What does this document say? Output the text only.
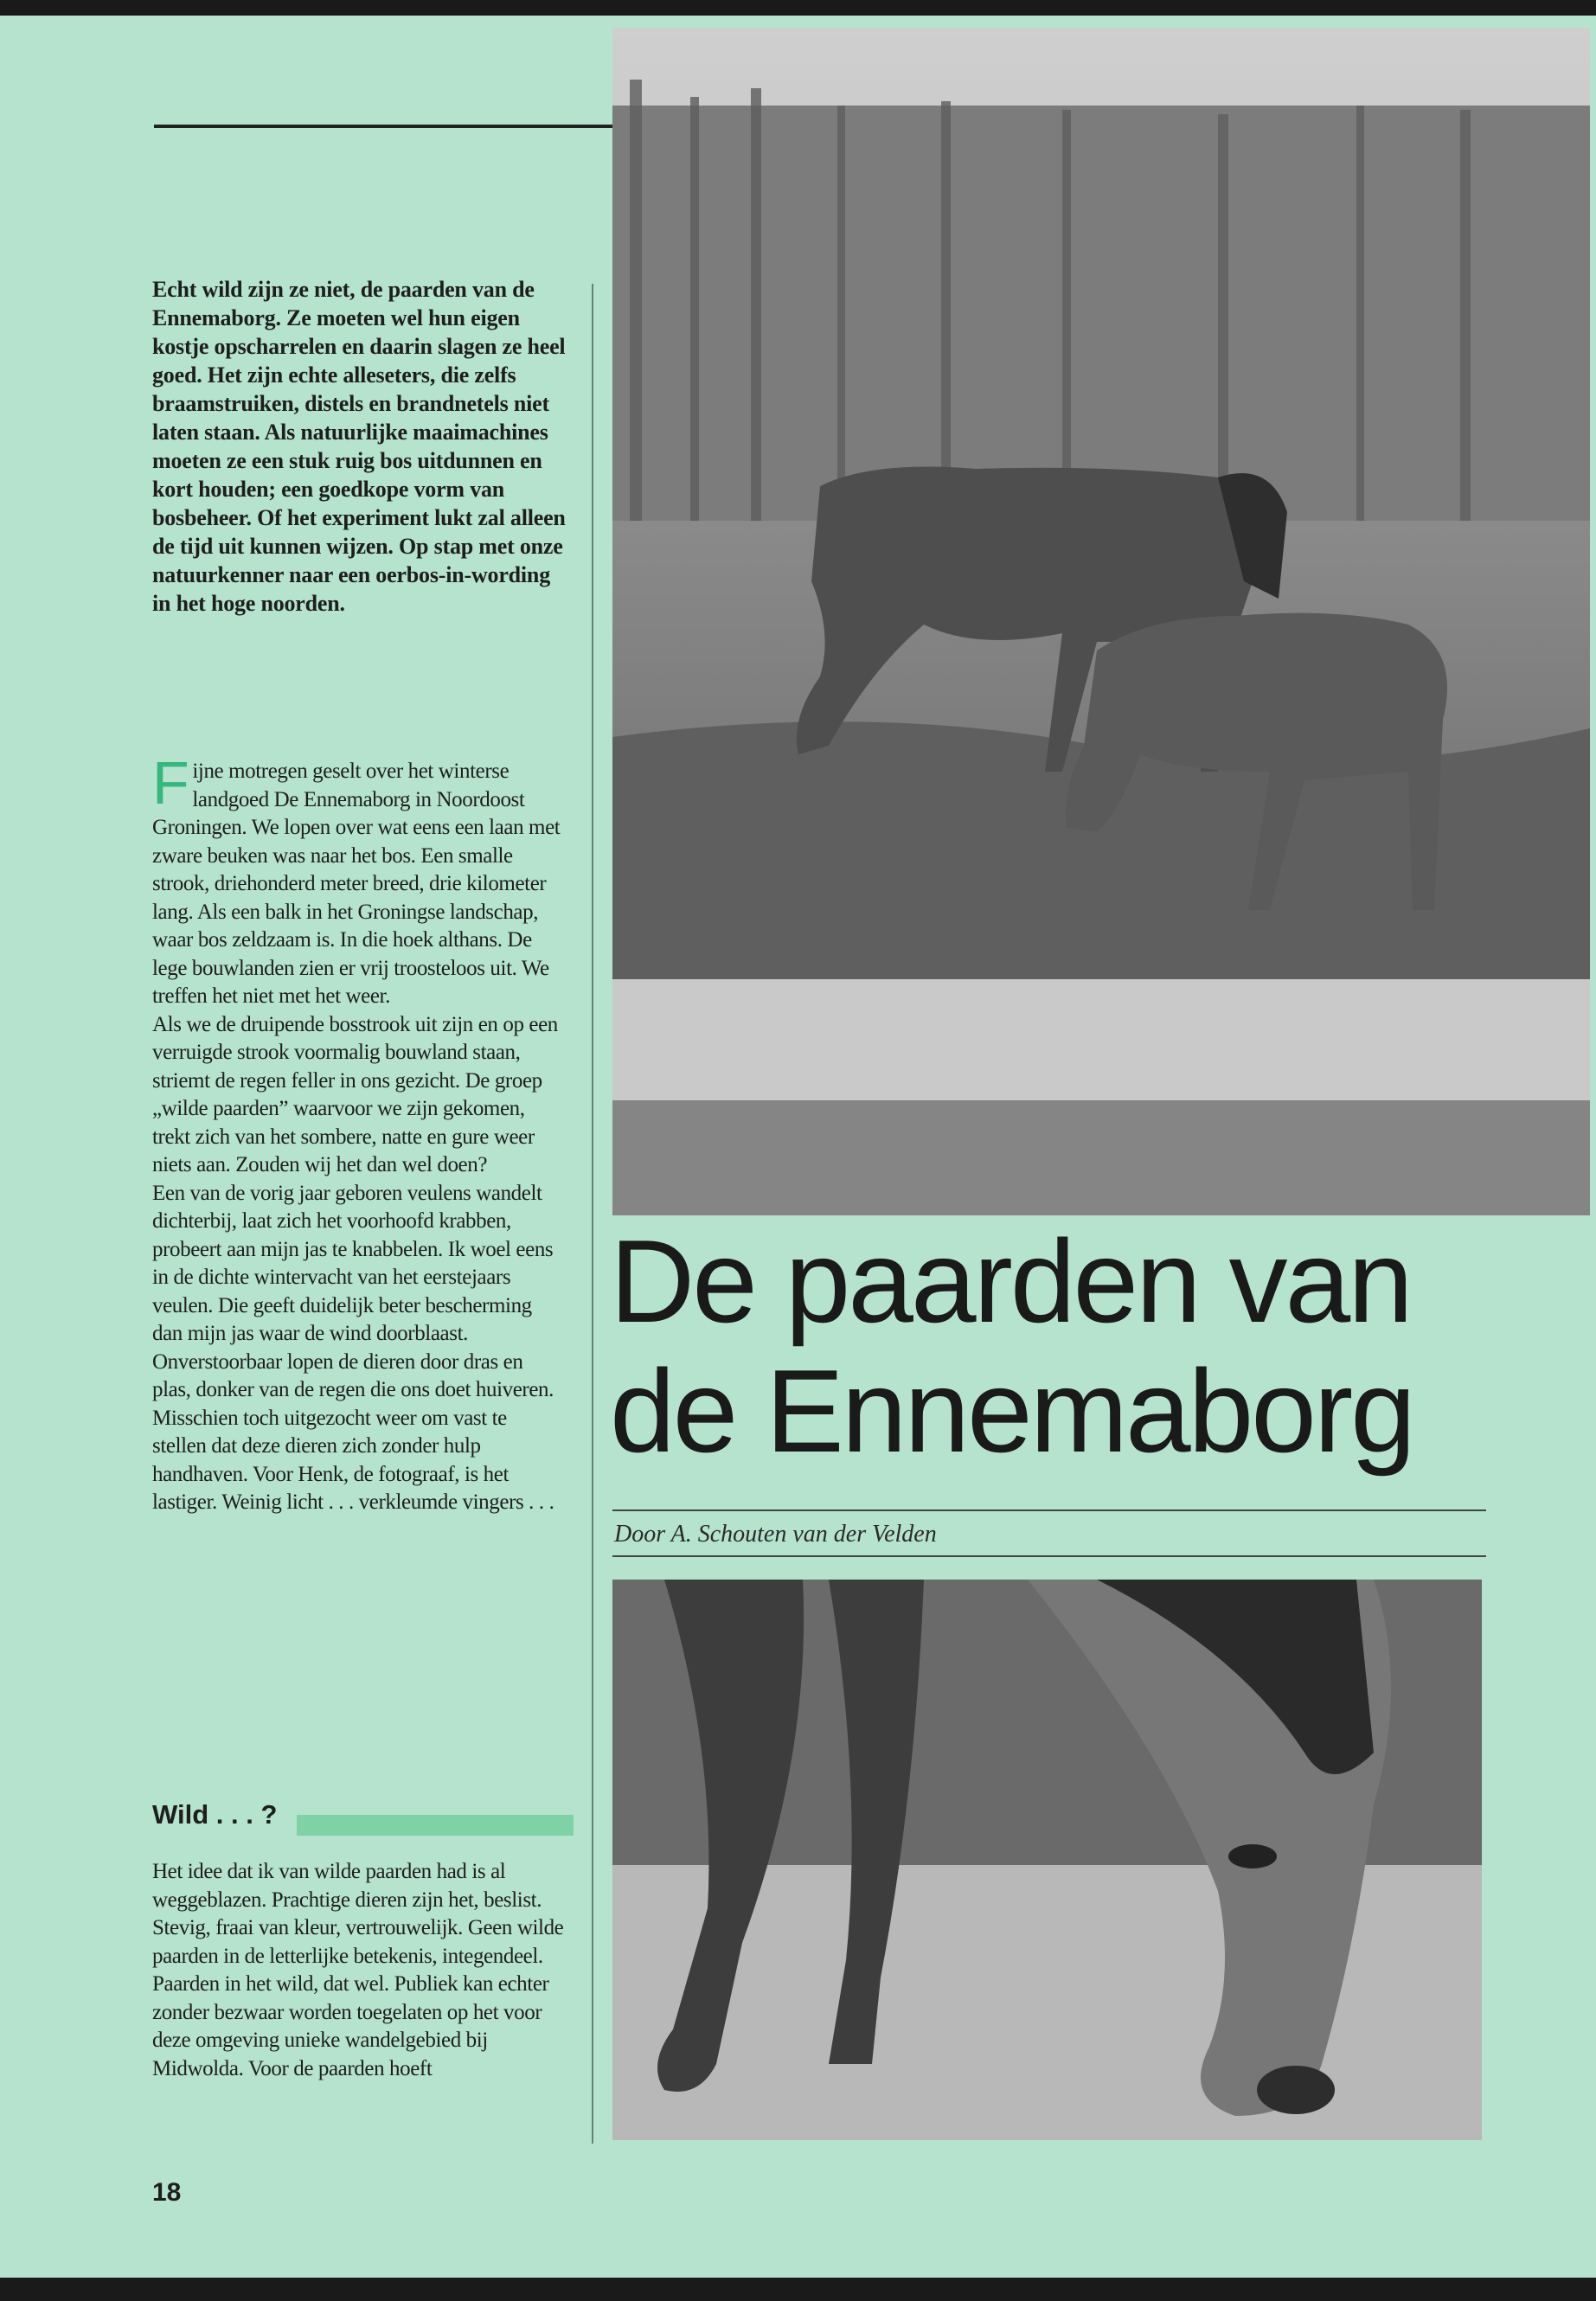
Echt wild zijn ze niet, de paarden van de Ennemaborg. Ze moeten wel hun eigen kostje opscharrelen en daarin slagen ze heel goed. Het zijn echte alleseters, die zelfs braamstruiken, distels en brandnetels niet laten staan. Als natuurlijke maaimachines moeten ze een stuk ruig bos uitdunnen en kort houden; een goedkope vorm van bosbeheer. Of het experiment lukt zal alleen de tijd uit kunnen wijzen. Op stap met onze natuurkenner naar een oerbos-in-wording in het hoge noorden.

Fijne motregen geselt over het winterse landgoed De Ennemaborg in Noordoost Groningen. We lopen over wat eens een laan met zware beuken was naar het bos. Een smalle strook, driehonderd meter breed, drie kilometer lang. Als een balk in het Groningse landschap, waar bos zeldzaam is. In die hoek althans. De lege bouwlanden zien er vrij troosteloos uit. We treffen het niet met het weer.

Als we de druipende bosstrook uit zijn en op een verruigde strook voormalig bouwland staan, striemt de regen feller in ons gezicht. De groep „wilde paarden” waarvoor we zijn gekomen, trekt zich van het sombere, natte en gure weer niets aan. Zouden wij het dan wel doen?

Een van de vorig jaar geboren veulens wandelt dichterbij, laat zich het voorhoofd krabben, probeert aan mijn jas te knabbelen. Ik woel eens in de dichte wintervacht van het eerstejaars veulen. Die geeft duidelijk beter bescherming dan mijn jas waar de wind doorblaast. Onverstoorbaar lopen de dieren door dras en plas, donker van de regen die ons doet huiveren. Misschien toch uitgezocht weer om vast te stellen dat deze dieren zich zonder hulp handhaven. Voor Henk, de fotograaf, is het lastiger. Weinig licht . . . verkleumde vingers . . .

Wild . . . ?

Het idee dat ik van wilde paarden had is al weggeblazen. Prachtige dieren zijn het, beslist. Stevig, fraai van kleur, vertrouwelijk. Geen wilde paarden in de letterlijke betekenis, integendeel. Paarden in het wild, dat wel. Publiek kan echter zonder bezwaar worden toegelaten op het voor deze omgeving unieke wandelgebied bij Midwolda. Voor de paarden hoeft

18
De paarden van
de Ennemaborg
Door A. Schouten van der Velden
